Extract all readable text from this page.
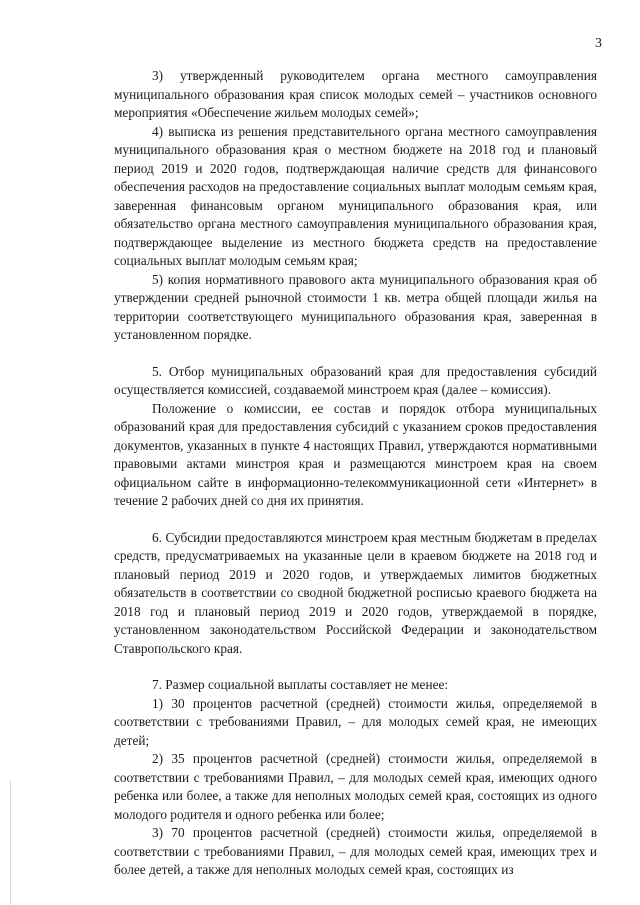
3

3) утвержденный руководителем органа местного самоуправления муниципального образования края список молодых семей – участников основного мероприятия «Обеспечение жильем молодых семей»;

4) выписка из решения представительного органа местного самоуправления муниципального образования края о местном бюджете на 2018 год и плановый период 2019 и 2020 годов, подтверждающая наличие средств для финансового обеспечения расходов на предоставление социальных выплат молодым семьям края, заверенная финансовым органом муниципального образования края, или обязательство органа местного самоуправления муниципального образования края, подтверждающее выделение из местного бюджета средств на предоставление социальных выплат молодым семьям края;

5) копия нормативного правового акта муниципального образования края об утверждении средней рыночной стоимости 1 кв. метра общей площади жилья на территории соответствующего муниципального образования края, заверенная в установленном порядке.

5. Отбор муниципальных образований края для предоставления субсидий осуществляется комиссией, создаваемой минстроем края (далее – комиссия).

Положение о комиссии, ее состав и порядок отбора муниципальных образований края для предоставления субсидий с указанием сроков предоставления документов, указанных в пункте 4 настоящих Правил, утверждаются нормативными правовыми актами минстроя края и размещаются минстроем края на своем официальном сайте в информационно-телекоммуникационной сети «Интернет» в течение 2 рабочих дней со дня их принятия.

6. Субсидии предоставляются минстроем края местным бюджетам в пределах средств, предусматриваемых на указанные цели в краевом бюджете на 2018 год и плановый период 2019 и 2020 годов, и утверждаемых лимитов бюджетных обязательств в соответствии со сводной бюджетной росписью краевого бюджета на 2018 год и плановый период 2019 и 2020 годов, утверждаемой в порядке, установленном законодательством Российской Федерации и законодательством Ставропольского края.

7. Размер социальной выплаты составляет не менее:

1) 30 процентов расчетной (средней) стоимости жилья, определяемой в соответствии с требованиями Правил, – для молодых семей края, не имеющих детей;

2) 35 процентов расчетной (средней) стоимости жилья, определяемой в соответствии с требованиями Правил, – для молодых семей края, имеющих одного ребенка или более, а также для неполных молодых семей края, состоящих из одного молодого родителя и одного ребенка или более;

3) 70 процентов расчетной (средней) стоимости жилья, определяемой в соответствии с требованиями Правил, – для молодых семей края, имеющих трех и более детей, а также для неполных молодых семей края, состоящих из
